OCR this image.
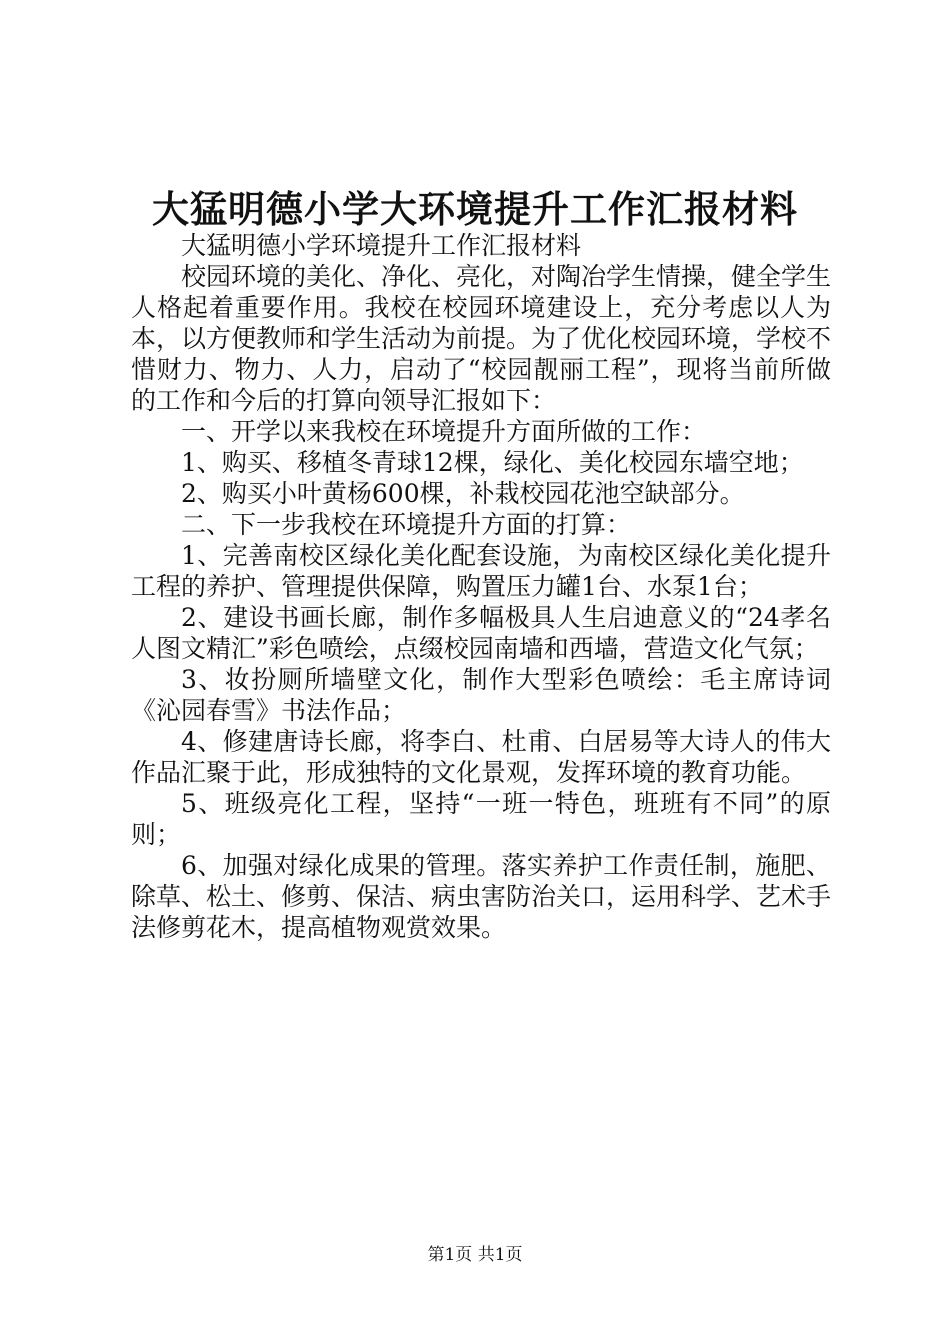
大猛明德小学大环境提升工作汇报材料

大猛明德小学环境提升工作汇报材料

校园环境的美化、净化、亮化，对陶冶学生情操，健全学生人格起着重要作用。我校在校园环境建设上，充分考虑以人为本，以方便教师和学生活动为前提。为了优化校园环境，学校不惜财力、物力、人力，启动了“校园靓丽工程”，现将当前所做的工作和今后的打算向领导汇报如下：

一、开学以来我校在环境提升方面所做的工作：

1、购买、移植冬青球12棵，绿化、美化校园东墙空地；

2、购买小叶黄杨600棵，补栽校园花池空缺部分。

二、下一步我校在环境提升方面的打算：

1、完善南校区绿化美化配套设施，为南校区绿化美化提升工程的养护、管理提供保障，购置压力罐1台、水泵1台；

2、建设书画长廊，制作多幅极具人生启迪意义的“24孝名人图文精汇”彩色喷绘，点缀校园南墙和西墙，营造文化气氛；

3、妆扮厕所墙壁文化，制作大型彩色喷绘：毛主席诗词《沁园春雪》书法作品；

4、修建唐诗长廊，将李白、杜甫、白居易等大诗人的伟大作品汇聚于此，形成独特的文化景观，发挥环境的教育功能。

5、班级亮化工程，坚持“一班一特色，班班有不同”的原则；

6、加强对绿化成果的管理。落实养护工作责任制，施肥、除草、松土、修剪、保洁、病虫害防治关口，运用科学、艺术手法修剪花木，提高植物观赏效果。

第1页 共1页
